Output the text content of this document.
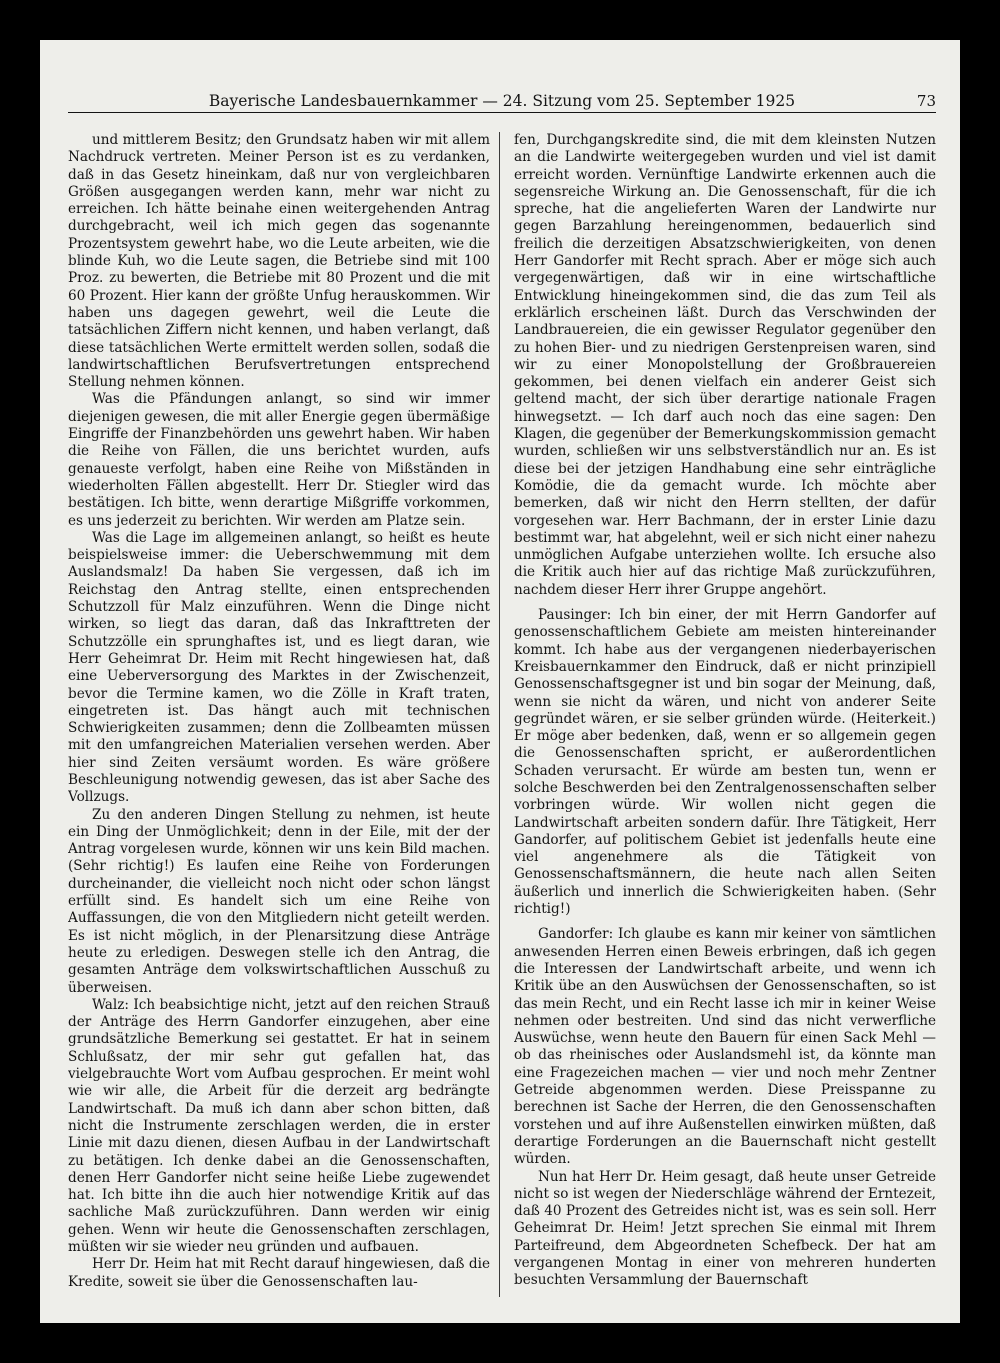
Bayerische Landesbauernkammer — 24. Sitzung vom 25. September 1925	73

und mittlerem Besitz; den Grundsatz haben wir mit allem Nachdruck vertreten. Meiner Person ist es zu verdanken, daß in das Gesetz hineinkam, daß nur von vergleichbaren Größen ausgegangen werden kann, mehr war nicht zu erreichen. Ich hätte beinahe einen weitergehenden Antrag durchgebracht, weil ich mich gegen das sogenannte Prozentsystem gewehrt habe, wo die Leute arbeiten, wie die blinde Kuh, wo die Leute sagen, die Betriebe sind mit 100 Proz. zu bewerten, die Betriebe mit 80 Prozent und die mit 60 Prozent. Hier kann der größte Unfug herauskommen. Wir haben uns dagegen gewehrt, weil die Leute die tatsächlichen Ziffern nicht kennen, und haben verlangt, daß diese tatsächlichen Werte ermittelt werden sollen, sodaß die landwirtschaftlichen Berufsvertretungen entsprechend Stellung nehmen können.

Was die Pfändungen anlangt, so sind wir immer diejenigen gewesen, die mit aller Energie gegen übermäßige Eingriffe der Finanzbehörden uns gewehrt haben. Wir haben die Reihe von Fällen, die uns berichtet wurden, aufs genaueste verfolgt, haben eine Reihe von Mißständen in wiederholten Fällen abgestellt. Herr Dr. Stiegler wird das bestätigen. Ich bitte, wenn derartige Mißgriffe vorkommen, es uns jederzeit zu berichten. Wir werden am Platze sein.

Was die Lage im allgemeinen anlangt, so heißt es heute beispielsweise immer: die Ueberschwemmung mit dem Auslandsmalz! Da haben Sie vergessen, daß ich im Reichstag den Antrag stellte, einen entsprechenden Schutzzoll für Malz einzuführen. Wenn die Dinge nicht wirken, so liegt das daran, daß das Inkrafttreten der Schutzzölle ein sprunghaftes ist, und es liegt daran, wie Herr Geheimrat Dr. Heim mit Recht hingewiesen hat, daß eine Ueberversorgung des Marktes in der Zwischenzeit, bevor die Termine kamen, wo die Zölle in Kraft traten, eingetreten ist. Das hängt auch mit technischen Schwierigkeiten zusammen; denn die Zollbeamten müssen mit den umfangreichen Materialien versehen werden. Aber hier sind Zeiten versäumt worden. Es wäre größere Beschleunigung notwendig gewesen, das ist aber Sache des Vollzugs.

Zu den anderen Dingen Stellung zu nehmen, ist heute ein Ding der Unmöglichkeit; denn in der Eile, mit der der Antrag vorgelesen wurde, können wir uns kein Bild machen. (Sehr richtig!) Es laufen eine Reihe von Forderungen durcheinander, die vielleicht noch nicht oder schon längst erfüllt sind. Es handelt sich um eine Reihe von Auffassungen, die von den Mitgliedern nicht geteilt werden. Es ist nicht möglich, in der Plenarsitzung diese Anträge heute zu erledigen. Deswegen stelle ich den Antrag, die gesamten Anträge dem volkswirtschaftlichen Ausschuß zu überweisen.

Walz: Ich beabsichtige nicht, jetzt auf den reichen Strauß der Anträge des Herrn Gandorfer einzugehen, aber eine grundsätzliche Bemerkung sei gestattet. Er hat in seinem Schlußsatz, der mir sehr gut gefallen hat, das vielgebrauchte Wort vom Aufbau gesprochen. Er meint wohl wie wir alle, die Arbeit für die derzeit arg bedrängte Landwirtschaft. Da muß ich dann aber schon bitten, daß nicht die Instrumente zerschlagen werden, die in erster Linie mit dazu dienen, diesen Aufbau in der Landwirtschaft zu betätigen. Ich denke dabei an die Genossenschaften, denen Herr Gandorfer nicht seine heiße Liebe zugewendet hat. Ich bitte ihn die auch hier notwendige Kritik auf das sachliche Maß zurückzuführen. Dann werden wir einig gehen. Wenn wir heute die Genossenschaften zerschlagen, müßten wir sie wieder neu gründen und aufbauen.

Herr Dr. Heim hat mit Recht darauf hingewiesen, daß die Kredite, soweit sie über die Genossenschaften lau-

fen, Durchgangskredite sind, die mit dem kleinsten Nutzen an die Landwirte weitergegeben wurden und viel ist damit erreicht worden. Vernünftige Landwirte erkennen auch die segensreiche Wirkung an. Die Genossenschaft, für die ich spreche, hat die angelieferten Waren der Landwirte nur gegen Barzahlung hereingenommen, bedauerlich sind freilich die derzeitigen Absatzschwierigkeiten, von denen Herr Gandorfer mit Recht sprach. Aber er möge sich auch vergegenwärtigen, daß wir in eine wirtschaftliche Entwicklung hineingekommen sind, die das zum Teil als erklärlich erscheinen läßt. Durch das Verschwinden der Landbrauereien, die ein gewisser Regulator gegenüber den zu hohen Bier- und zu niedrigen Gerstenpreisen waren, sind wir zu einer Monopolstellung der Großbrauereien gekommen, bei denen vielfach ein anderer Geist sich geltend macht, der sich über derartige nationale Fragen hinwegsetzt. — Ich darf auch noch das eine sagen: Den Klagen, die gegenüber der Bemerkungskommission gemacht wurden, schließen wir uns selbstverständlich nur an. Es ist diese bei der jetzigen Handhabung eine sehr einträgliche Komödie, die da gemacht wurde. Ich möchte aber bemerken, daß wir nicht den Herrn stellten, der dafür vorgesehen war. Herr Bachmann, der in erster Linie dazu bestimmt war, hat abgelehnt, weil er sich nicht einer nahezu unmöglichen Aufgabe unterziehen wollte. Ich ersuche also die Kritik auch hier auf das richtige Maß zurückzuführen, nachdem dieser Herr ihrer Gruppe angehört.

Pausinger: Ich bin einer, der mit Herrn Gandorfer auf genossenschaftlichem Gebiete am meisten hintereinander kommt. Ich habe aus der vergangenen niederbayerischen Kreisbauernkammer den Eindruck, daß er nicht prinzipiell Genossenschaftsgegner ist und bin sogar der Meinung, daß, wenn sie nicht da wären, und nicht von anderer Seite gegründet wären, er sie selber gründen würde. (Heiterkeit.) Er möge aber bedenken, daß, wenn er so allgemein gegen die Genossenschaften spricht, er außerordentlichen Schaden verursacht. Er würde am besten tun, wenn er solche Beschwerden bei den Zentralgenossenschaften selber vorbringen würde. Wir wollen nicht gegen die Landwirtschaft arbeiten sondern dafür. Ihre Tätigkeit, Herr Gandorfer, auf politischem Gebiet ist jedenfalls heute eine viel angenehmere als die Tätigkeit von Genossenschaftsmännern, die heute nach allen Seiten äußerlich und innerlich die Schwierigkeiten haben. (Sehr richtig!)

Gandorfer: Ich glaube es kann mir keiner von sämtlichen anwesenden Herren einen Beweis erbringen, daß ich gegen die Interessen der Landwirtschaft arbeite, und wenn ich Kritik übe an den Auswüchsen der Genossenschaften, so ist das mein Recht, und ein Recht lasse ich mir in keiner Weise nehmen oder bestreiten. Und sind das nicht verwerfliche Auswüchse, wenn heute den Bauern für einen Sack Mehl — ob das rheinisches oder Auslandsmehl ist, da könnte man eine Fragezeichen machen — vier und noch mehr Zentner Getreide abgenommen werden. Diese Preisspanne zu berechnen ist Sache der Herren, die den Genossenschaften vorstehen und auf ihre Außenstellen einwirken müßten, daß derartige Forderungen an die Bauernschaft nicht gestellt würden.

Nun hat Herr Dr. Heim gesagt, daß heute unser Getreide nicht so ist wegen der Niederschläge während der Erntezeit, daß 40 Prozent des Getreides nicht ist, was es sein soll. Herr Geheimrat Dr. Heim! Jetzt sprechen Sie einmal mit Ihrem Parteifreund, dem Abgeordneten Schefbeck. Der hat am vergangenen Montag in einer von mehreren hunderten besuchten Versammlung der Bauernschaft
